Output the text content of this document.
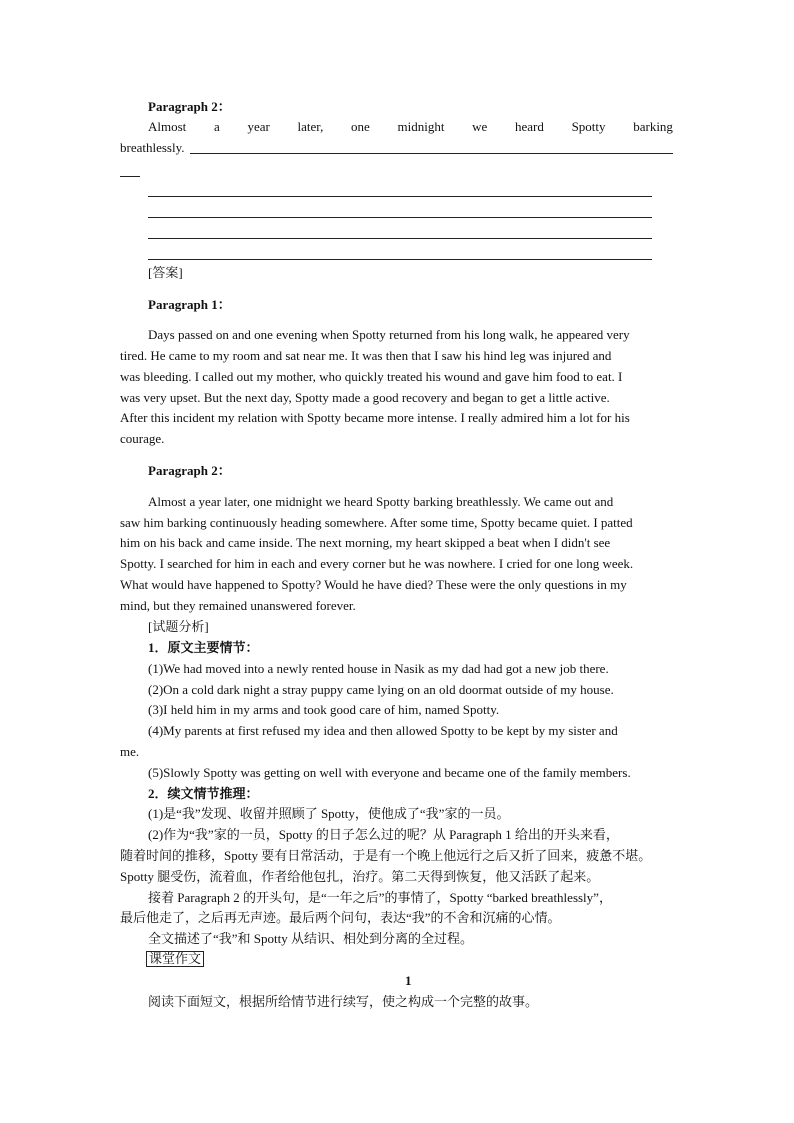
Paragraph 2：
Almost a year later, one midnight we heard Spotty barking
breathlessly.
[答案]
Paragraph 1：
Days passed on and one evening when Spotty returned from his long walk, he appeared very
tired. He came to my room and sat near me. It was then that I saw his hind leg was injured and
was bleeding. I called out my mother, who quickly treated his wound and gave him food to eat. I
was very upset. But the next day, Spotty made a good recovery and began to get a little active.
After this incident my relation with Spotty became more intense. I really admired him a lot for his
courage.
Paragraph 2：
Almost a year later, one midnight we heard Spotty barking breathlessly. We came out and
saw him barking continuously heading somewhere. After some time, Spotty became quiet. I patted
him on his back and came inside. The next morning, my heart skipped a beat when I didn't see
Spotty. I searched for him in each and every corner but he was nowhere. I cried for one long week.
What would have happened to Spotty? Would he have died? These were the only questions in my
mind, but they remained unanswered forever.
[试题分析]
1．原文主要情节：
(1)We had moved into a newly rented house in Nasik as my dad had got a new job there.
(2)On a cold dark night a stray puppy came lying on an old doormat outside of my house.
(3)I held him in my arms and took good care of him, named Spotty.
(4)My parents at first refused my idea and then allowed Spotty to be kept by my sister and
me.
(5)Slowly Spotty was getting on well with everyone and became one of the family members.
2．续文情节推理：
(1)是“我”发现、收留并照顾了 Spotty，使他成了“我”家的一员。
(2)作为“我”家的一员，Spotty 的日子怎么过的呢？从 Paragraph 1 给出的开头来看，
随着时间的推移，Spotty 要有日常活动，于是有一个晚上他远行之后又折了回来，疲惫不堪。
Spotty 腿受伤，流着血，作者给他包扎，治疗。第二天得到恢复，他又活跃了起来。
接着 Paragraph 2 的开头句，是“一年之后”的事情了，Spotty “barked breathlessly”，
最后他走了，之后再无声迹。最后两个问句，表达“我”的不舍和沉痛的心情。
全文描述了“我”和 Spotty 从结识、相处到分离的全过程。
课堂作文
1
阅读下面短文，根据所给情节进行续写，使之构成一个完整的故事。
